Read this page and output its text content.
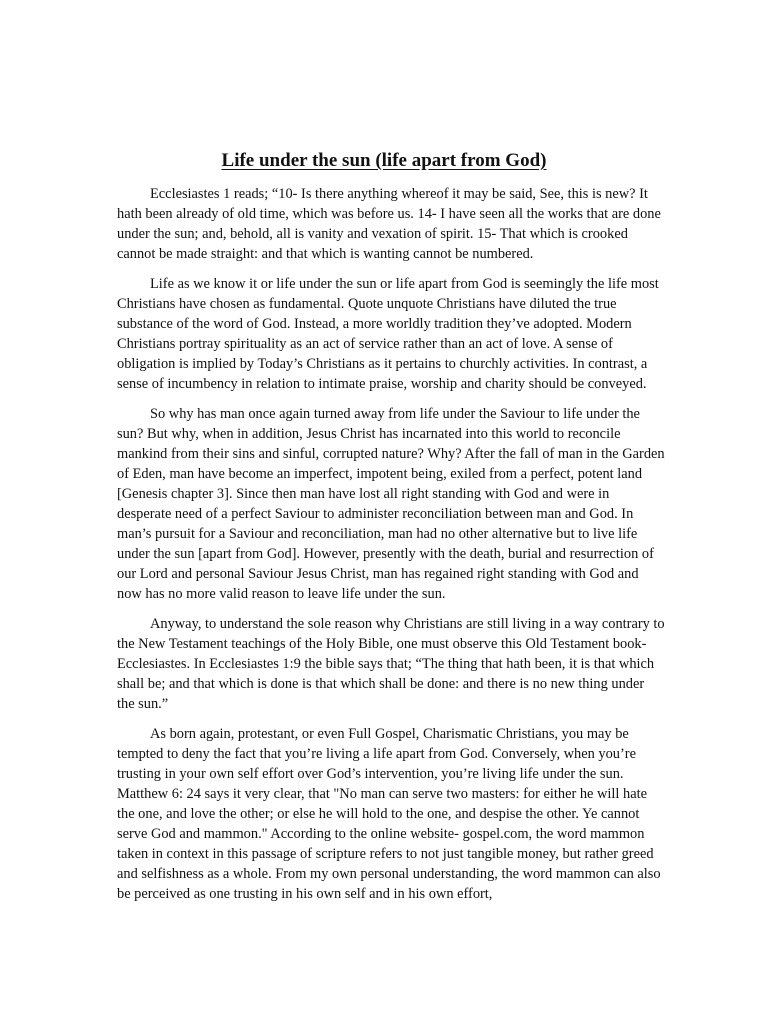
Life under the sun (life apart from God)

Ecclesiastes 1 reads; “10- Is there anything whereof it may be said, See, this is new? It hath been already of old time, which was before us. 14- I have seen all the works that are done under the sun; and, behold, all is vanity and vexation of spirit. 15- That which is crooked cannot be made straight: and that which is wanting cannot be numbered.

Life as we know it or life under the sun or life apart from God is seemingly the life most Christians have chosen as fundamental. Quote unquote Christians have diluted the true substance of the word of God. Instead, a more worldly tradition they’ve adopted. Modern Christians portray spirituality as an act of service rather than an act of love. A sense of obligation is implied by Today’s Christians as it pertains to churchly activities. In contrast, a sense of incumbency in relation to intimate praise, worship and charity should be conveyed.

So why has man once again turned away from life under the Saviour to life under the sun? But why, when in addition, Jesus Christ has incarnated into this world to reconcile mankind from their sins and sinful, corrupted nature? Why? After the fall of man in the Garden of Eden, man have become an imperfect, impotent being, exiled from a perfect, potent land [Genesis chapter 3]. Since then man have lost all right standing with God and were in desperate need of a perfect Saviour to administer reconciliation between man and God. In man’s pursuit for a Saviour and reconciliation, man had no other alternative but to live life under the sun [apart from God]. However, presently with the death, burial and resurrection of our Lord and personal Saviour Jesus Christ, man has regained right standing with God and now has no more valid reason to leave life under the sun.

Anyway, to understand the sole reason why Christians are still living in a way contrary to the New Testament teachings of the Holy Bible, one must observe this Old Testament book- Ecclesiastes. In Ecclesiastes 1:9 the bible says that; “The thing that hath been, it is that which shall be; and that which is done is that which shall be done: and there is no new thing under the sun.”

As born again, protestant, or even Full Gospel, Charismatic Christians, you may be tempted to deny the fact that you’re living a life apart from God. Conversely, when you’re trusting in your own self effort over God’s intervention, you’re living life under the sun. Matthew 6: 24 says it very clear, that "No man can serve two masters: for either he will hate the one, and love the other; or else he will hold to the one, and despise the other. Ye cannot serve God and mammon." According to the online website- gospel.com, the word mammon taken in context in this passage of scripture refers to not just tangible money, but rather greed and selfishness as a whole. From my own personal understanding, the word mammon can also be perceived as one trusting in his own self and in his own effort,
